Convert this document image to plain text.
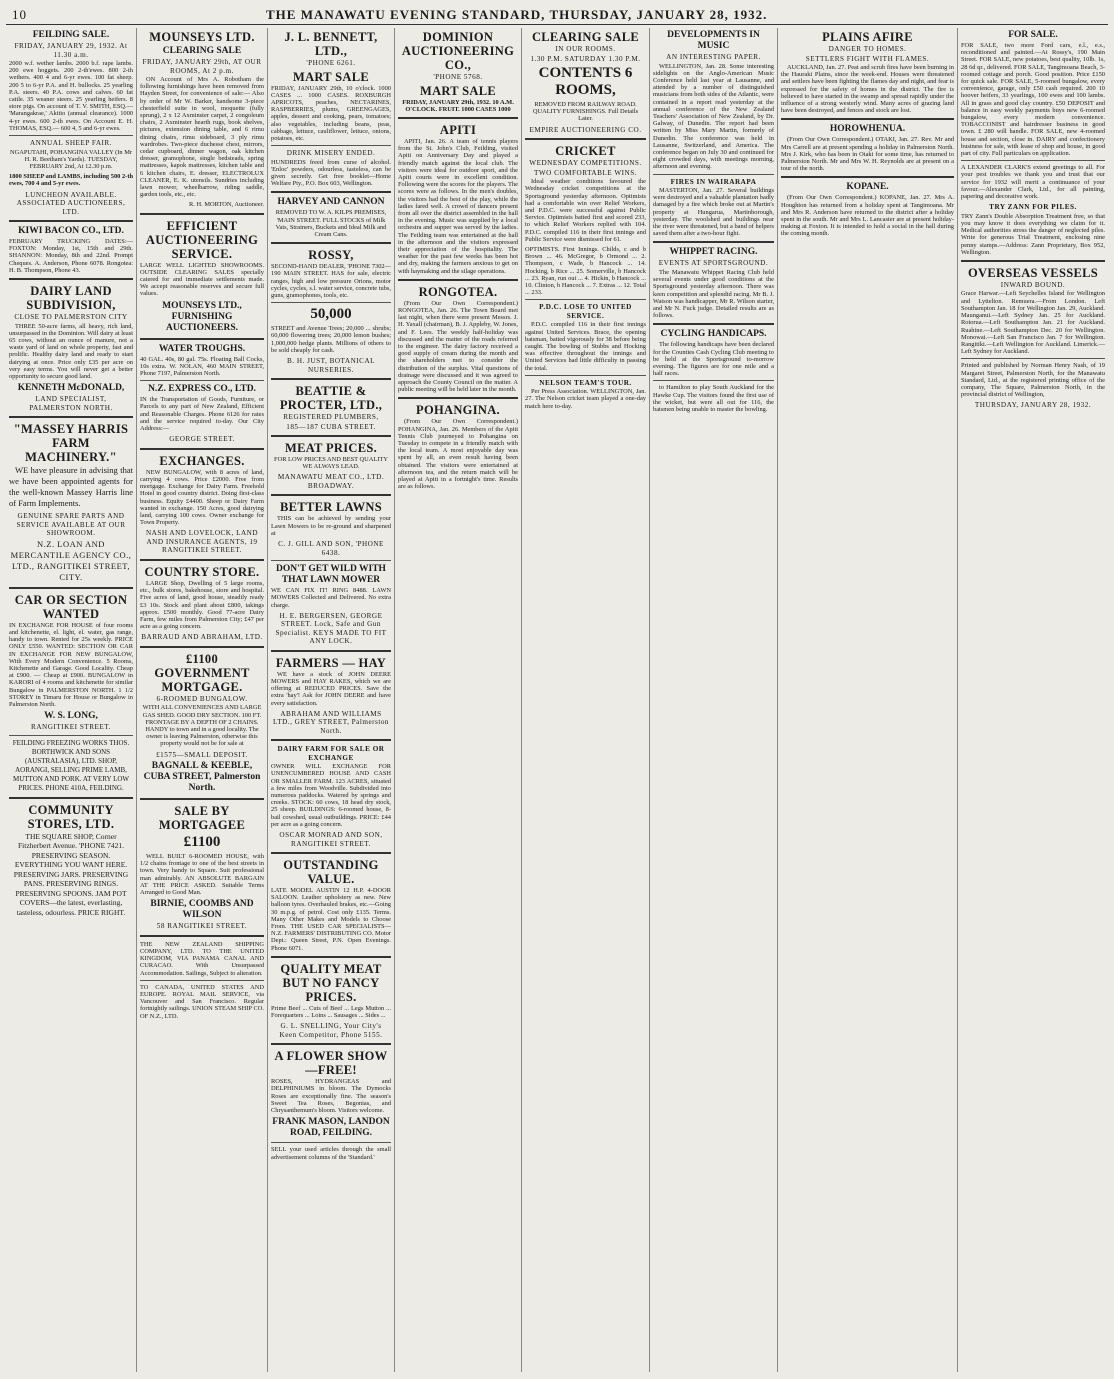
10	THE MANAWATU EVENING STANDARD, THURSDAY, JANUARY 28, 1932.
FEILDING SALE.
FRIDAY, JANUARY 29, 1932. At 11.30 a.m.
2000 w.f. wether lambs. 2000 b.f. rape lambs. 200 ewe hoggets. 200 2-th'ewes. 800 2-th wethers. 400 4 and 6-yr ewes. 100 fat sheep. 200 5 to 6-yr P.A. and H. bullocks. 25 yearling P.A. steers. 40 P.A. cows and calves. 60 fat cattle. 35 weaner steers. 25 yearling heifers. 8 store pigs. On account of T. V. SMITH, ESQ.— 'Marangakrae,' Akitio (annual clearance). 1000 4-yr ewes. 600 2-th ewes. On Account E. H. THOMAS, ESQ.— 600 4, 5 and 6-yr ewes.
ANNUAL SHEEP FAIR.
NGAPUTAHI, POHANGINA VALLEY (In Mr H. R. Beetham's Yards). TUESDAY, FEBRUARY 2nd, At 12.30 p.m.
1800 SHEEP and LAMBS, including 500 2-th ewes, 700 4 and 5-yr ewes.
LUNCHEON AVAILABLE. ASSOCIATED AUCTIONEERS, LTD.
KIWI BACON CO., LTD.
FEBRUARY TRUCKING DATES:— FOXTON: Monday, 1st, 15th and 29th. SHANNON: Monday, 8th and 22nd. Prompt Cheques. A. Anderson, Phone 6078. Rongotea: H. B. Thompson, Phone 43.
DAIRY LAND SUBDIVISION,
CLOSE TO PALMERSTON CITY
THREE 50-acre farms, all heavy, rich land, unsurpassed in the Dominion. Will dairy at least 65 cows, without an ounce of manure, not a waste yard of land on whole property, fast and prolific. Healthy dairy land and ready to start dairying at once. Price only £35 per acre on very easy terms. You will never get a better opportunity to secure good land.
KENNETH McDONALD,
LAND SPECIALIST, PALMERSTON NORTH.
"MASSEY HARRIS FARM MACHINERY."
WE have pleasure in advising that we have been appointed agents for the well-known Massey Harris line of Farm Implements.
GENUINE SPARE PARTS AND SERVICE AVAILABLE AT OUR SHOWROOM.
N.Z. LOAN AND MERCANTILE AGENCY CO., LTD., RANGITIKEI STREET, CITY.
CAR OR SECTION WANTED
IN EXCHANGE FOR HOUSE of four rooms and kitchenette, el. light, el. water, gas range, handy to town. Rented for 25s weekly. PRICE ONLY £550. WANTED: SECTION OR CAR IN EXCHANGE FOR NEW BUNGALOW, With Every Modern Convenience. 5 Rooms, Kitchenette and Garage. Good Locality. Cheap at £900. — Cheap at £900. BUNGALOW in KARORI of 4 rooms and kitchenette for similar Bungalow in PALMERSTON NORTH. 1 1/2 STOREY in Timaru for House or Bungalow in Palmerston North.
W. S. LONG,
RANGITIKEI STREET.
FEILDING FREEZING WORKS THOS. BORTHWICK AND SONS (AUSTRALASIA), LTD. SHOP, AORANGI, SELLING PRIME LAMB, MUTTON AND PORK. AT VERY LOW PRICES. PHONE 410A, FEILDING.
COMMUNITY STORES, LTD.
THE SQUARE SHOP, Corner Fitzherbert Avenue. 'PHONE 7421. PRESERVING SEASON. EVERYTHING YOU WANT HERE. PRESERVING JARS. PRESERVING PANS. PRESERVING RINGS. PRESERVING SPOONS. JAM POT COVERS—the latest, everlasting, tasteless, odourless. PRICE RIGHT.
MOUNSEYS LTD.
CLEARING SALE
FRIDAY, JANUARY 29th, AT OUR ROOMS, At 2 p.m.
ON Account of Mrs A. Robotham the following furnishings have been removed from Hayden Street, for convenience of sale:— Also by order of Mr W. Barker, handsome 3-piece chesterfield suite in wool, moquette (fully sprung), 2 x 12 Axminster carpet, 2 congoleum chairs, 2 Axminster hearth rugs, book shelves, pictures, extension dining table, and 6 rimu dining chairs, rimu sideboard, 3 ply rimu wardrobes. Two-piece duchesse chest, mirrors, cedar cupboard, dinner wagon, oak kitchen dresser, gramophone, single bedsteads, spring mattresses, kapok mattresses, kitchen table and 6 kitchen chairs, E. dresser, ELECTROLUX CLEANER, E. K. utensils. Sundries including lawn mower, wheelbarrow, riding saddle, garden tools, etc., etc.
R. H. MORTON, Auctioneer.
EFFICIENT AUCTIONEERING SERVICE.
LARGE WELL LIGHTED SHOWROOMS. OUTSIDE CLEARING SALES specially catered for and immediate settlements made. We accept reasonable reserves and secure full values.
MOUNSEYS LTD., FURNISHING AUCTIONEERS.
WATER TROUGHS.
40 GAL. 40s, 80 gal. 75s. Floating Ball Cocks, 10s extra. W. NOLAN, 460 MAIN STREET, Phone 7197, Palmerston North.
N.Z. EXPRESS CO., LTD.
IN the Transportation of Goods, Furniture, or Parcels to any part of New Zealand, Efficient and Reasonable Charges. Phone 6126 for rates and the service required to-day. Our City Address:—
GEORGE STREET.
EXCHANGES.
NEW BUNGALOW, with 8 acres of land, carrying 4 cows. Price £2000. Free from mortgage. Exchange for Dairy Farm. Freehold Hotel in good country district. Doing first-class business. Equity £4400. Sheep or Dairy Farm wanted in exchange. 150 Acres, good dairying land, carrying 100 cows. Owner exchange for Town Property.
NASH AND LOVELOCK, LAND AND INSURANCE AGENTS, 19 RANGITIKEI STREET.
COUNTRY STORE.
LARGE Shop, Dwelling of 5 large rooms, etc., bulk stores, bakehouse, store and hospital. Five acres of land, good house, steadily ready £3 10s. Stock and plant about £800, takings approx. £500 monthly. Good 77-acre Dairy Farm, few miles from Palmerston City; £47 per acre as a going concern.
BARRAUD AND ABRAHAM, LTD.
£1100 GOVERNMENT MORTGAGE.
6-ROOMED BUNGALOW.
WITH ALL CONVENIENCES AND LARGE GAS SHED. GOOD DRY SECTION. 100 FT. FRONTAGE BY A DEPTH OF 2 CHAINS. HANDY to town and in a good locality. The owner is leaving Palmerston, otherwise this property would not be for sale at
£1575—SMALL DEPOSIT.
BAGNALL & KEEBLE, CUBA STREET, Palmerston North.
SALE BY MORTGAGEE
£1100
WELL BUILT 6-ROOMED HOUSE, with 1/2 chains frontage to one of the best streets in town. Very handy to Square. Suit professional man admirably. AN ABSOLUTE BARGAIN AT THE PRICE ASKED. Suitable Terms Arranged to Good Man.
BIRNIE, COOMBS AND WILSON
58 RANGITIKEI STREET.
THE NEW ZEALAND SHIPPING COMPANY, LTD. TO THE UNITED KINGDOM, VIA PANAMA CANAL AND CURACAO. With Unsurpassed Accommodation. Sailings, Subject to alteration.
TO CANADA, UNITED STATES AND EUROPE. ROYAL MAIL SERVICE, via Vancouver and San Francisco. Regular fortnightly sailings. UNION STEAM SHIP CO. OF N.Z., LTD.
J. L. BENNETT, LTD.,
'PHONE 6261.
MART SALE
FRIDAY, JANUARY 29th, 10 o'clock. 1000 CASES ... 1000 CASES. ROXBURGH APRICOTS, peaches, NECTARINES, RASPBERRIES, plums, GREENGAGES, apples, dessert and cooking, pears, tomatoes; also vegetables, including beans, peas, cabbage, lettuce, cauliflower, lettuce, onions, potatoes, etc.
DRINK MISERY ENDED.
HUNDREDS freed from curse of alcohol. 'Enloc' powders, odourless, tasteless, can be given secretly. Get free booklet—Home Welfare Pty., P.O. Box 603, Wellington.
HARVEY AND CANNON
REMOVED TO W. A. KILPS PREMISES, 'MAIN STREET. FULL STOCKS of Milk Vats, Strainers, Buckets and Ideal Milk and Cream Cans.
ROSSY,
SECOND-HAND DEALER, 'PHONE 7302—190 MAIN STREET. HAS for sale, electric ranges, high and low pressure Orions, motor cycles, cycles, s.l. water service, concrete tubs, guns, gramophones, tools, etc.
50,000
STREET and Avenue Trees; 20,000 ... shrubs; 60,000 flowering trees; 20,000 lemon bushes; 1,000,000 hedge plants. Millions of others to be sold cheaply for cash.
B. H. JUST, BOTANICAL NURSERIES.
BEATTIE & PROCTER, LTD.,
REGISTERED PLUMBERS,
185—187 CUBA STREET.
MEAT PRICES.
FOR LOW PRICES AND BEST QUALITY WE ALWAYS LEAD.
MANAWATU MEAT CO., LTD. BROADWAY.
BETTER LAWNS
THIS can be achieved by sending your Lawn Mowers to be re-ground and sharpened at
C. J. GILL AND SON, 'PHONE 6438.
DON'T GET WILD WITH THAT LAWN MOWER
WE CAN FIX IT! RING 8488. LAWN MOWERS Collected and Delivered. No extra charge.
H. E. BERGERSEN, GEORGE STREET. Lock, Safe and Gun Specialist. KEYS MADE TO FIT ANY LOCK.
FARMERS — HAY
WE have a stock of JOHN DEERE MOWERS and HAY RAKES, which we are offering at REDUCED PRICES. Save the extra 'hay'! Ask for JOHN DEERE and have every satisfaction.
ABRAHAM AND WILLIAMS LTD., GREY STREET, Palmerston North.
DAIRY FARM FOR SALE OR EXCHANGE
OWNER WILL EXCHANGE FOR UNENCUMBERED HOUSE AND CASH OR SMALLER FARM. 123 ACRES, situated a few miles from Woodville. Subdivided into numerous paddocks. Watered by springs and creeks. STOCK: 60 cows, 18 head dry stock, 25 sheep. BUILDINGS: 6-roomed house, 8-bail cowshed, usual outbuildings. PRICE: £44 per acre as a going concern.
OSCAR MONRAD AND SON, RANGITIKEI STREET.
OUTSTANDING VALUE.
LATE MODEL AUSTIN 12 H.P. 4-DOOR SALOON. Leather upholstery as new. New balloon tyres. Overhauled brakes, etc.—Going 30 m.p.g. of petrol. Cost only £135. Terms. Many Other Makes and Models to Choose From. THE USED CAR SPECIALISTS— N.Z. FARMERS' DISTRIBUTING CO. Motor Dept.: Queen Street, P.N. Open Evenings. Phone 6071.
QUALITY MEAT BUT NO FANCY PRICES.
Prime Beef ... Cuts of Beef ... Legs Mutton ... Forequarters ... Loins ... Sausages ... Sides ...
G. L. SNELLING, Your City's Keen Competitor, Phone 5155.
A FLOWER SHOW—FREE!
ROSES, HYDRANGEAS and DELPHINIUMS in bloom. The Dymocks Roses are exceptionally fine. The season's Sweet Tea Roses, Begonias, and Chrysanthemum's bloom. Visitors welcome.
FRANK MASON, LANDON ROAD, FEILDING.
SELL your used articles through the small advertisement columns of the 'Standard.'
DOMINION AUCTIONEERING CO.,
'PHONE 5768.
MART SALE
FRIDAY, JANUARY 29th, 1932. 10 A.M. O'CLOCK. FRUIT. 1000 CASES 1000
APITI
APITI, Jan. 26. A team of tennis players from the St. John's Club, Feilding, visited Apiti on Anniversary Day and played a friendly match against the local club. The visitors were ideal for outdoor sport, and the Apiti courts were in excellent condition. Following were the scores for the players. The scores were as follows. In the men's doubles, the visitors had the best of the play, while the ladies fared well. A crowd of dancers present from all over the district assembled in the hall in the evening. Music was supplied by a local orchestra and supper was served by the ladies. The Feilding team was entertained at the hall in the afternoon and the visitors expressed their appreciation of the hospitality. The weather for the past few weeks has been hot and dry, making the farmers anxious to get on with haymaking and the silage operations.
RONGOTEA.
(From Our Own Correspondent.) RONGOTEA, Jan. 26. The Town Board met last night, when there were present Messrs. J. H. Yaxall (chairman), B. J. Appleby, W. Jones, and F. Lees. The weekly half-holiday was discussed and the matter of the roads referred to the engineer. The dairy factory received a good supply of cream during the month and the shareholders met to consider the distribution of the surplus. Vital questions of drainage were discussed and it was agreed to approach the County Council on the matter. A public meeting will be held later in the month.
POHANGINA.
(From Our Own Correspondent.) POHANGINA, Jan. 26. Members of the Apiti Tennis Club journeyed to Pohangina on Tuesday to compete in a friendly match with the local team. A most enjoyable day was spent by all, an even result having been obtained. The visitors were entertained at afternoon tea, and the return match will be played at Apiti in a fortnight's time. Results are as follows.
CLEARING SALE
IN OUR ROOMS.
1.30 P.M. SATURDAY 1.30 P.M.
CONTENTS 6 ROOMS,
REMOVED FROM RAILWAY ROAD. QUALITY FURNISHINGS. Full Details Later.
EMPIRE AUCTIONEERING CO.
CRICKET
WEDNESDAY COMPETITIONS.
TWO COMFORTABLE WINS.
Ideal weather conditions favoured the Wednesday cricket competitions at the Sportsground yesterday afternoon. Optimists had a comfortable win over Relief Workers, and P.D.C. were successful against Public Service. Optimists batted first and scored 233, to which Relief Workers replied with 104. P.D.C. compiled 116 in their first innings and Public Service were dismissed for 61.
OPTIMISTS. First Innings. Childs, c and b Brown ... 46. McGregor, b Ormond ... 2. Thompson, c Wade, b Hancock ... 14. Hocking, b Rice ... 25. Somerville, b Hancock ... 23. Ryan, run out ... 4. Hickin, b Hancock ... 10. Clinton, b Hancock ... 7. Extras ... 12. Total ... 233.
P.D.C. LOSE TO UNITED SERVICE.
P.D.C. compiled 116 in their first innings against United Services. Brace, the opening batsman, batted vigorously for 38 before being caught. The bowling of Stubbs and Hocking was effective throughout the innings and United Services had little difficulty in passing the total.
NELSON TEAM'S TOUR.
Per Press Association. WELLINGTON, Jan. 27. The Nelson cricket team played a one-day match here to-day.
DEVELOPMENTS IN MUSIC
AN INTERESTING PAPER.
WELLINGTON, Jan. 28. Some interesting sidelights on the Anglo-American Music Conference held last year at Lausanne, and attended by a number of distinguished musicians from both sides of the Atlantic, were contained in a report read yesterday at the annual conference of the New Zealand Teachers' Association of New Zealand, by Dr. Galway, of Dunedin. The report had been written by Miss Mary Martin, formerly of Dunedin. The conference was held in Lausanne, Switzerland, and America. The conference began on July 30 and continued for eight crowded days, with meetings morning, afternoon and evening.
FIRES IN WAIRARAPA
MASTERTON, Jan. 27. Several buildings were destroyed and a valuable plantation badly damaged by a fire which broke out at Martin's property at Hungarua, Martinborough, yesterday. The woolshed and buildings near the river were threatened, but a band of helpers saved them after a two-hour fight.
WHIPPET RACING.
EVENTS AT SPORTSGROUND.
The Manawatu Whippet Racing Club held several events under good conditions at the Sportsground yesterday afternoon. There was keen competition and splendid racing. Mr B. J. Watson was handicapper, Mr R. Wilson starter, and Mr N. Fuck judge. Detailed results are as follows.
CYCLING HANDICAPS.
The following handicaps have been declared for the Counties Cash Cycling Club meeting to be held at the Sportsground to-morrow evening. The figures are for one mile and a half races.
to Hamilton to play South Auckland for the Hawke Cup. The visitors found the first use of the wicket, but were all out for 116, the batsmen being unable to master the bowling.
PLAINS AFIRE
DANGER TO HOMES.
SETTLERS FIGHT WITH FLAMES.
AUCKLAND, Jan. 27. Peat and scrub fires have been burning in the Hauraki Plains, since the week-end. Houses were threatened and settlers have been fighting the flames day and night, and fear is expressed for the safety of homes in the district. The fire is believed to have started in the swamp and spread rapidly under the influence of a strong westerly wind. Many acres of grazing land have been destroyed, and fences and stock are lost.
HOROWHENUA.
(From Our Own Correspondent.) OTAKI, Jan. 27. Rev. Mr and Mrs Carrell are at present spending a holiday in Palmerston North. Mrs J. Kirk, who has been in Otaki for some time, has returned to Palmerston North. Mr and Mrs W. H. Reynolds are at present on a tour of the north.
KOPANE.
(From Our Own Correspondent.) KOPANE, Jan. 27. Mrs A. Houghton has returned from a holiday spent at Tangimoana. Mr and Mrs R. Anderson have returned to the district after a holiday spent in the south. Mr and Mrs L. Lancaster are at present holiday-making at Foxton. It is intended to hold a social in the hall during the coming month.
FOR SALE.
FOR SALE, two more Ford cars, e.l., e.s., reconditioned and painted.—At Rossy's, 190 Main Street. FOR SALE, new potatoes, best quality, 10lb. 1s, 28 6d qr., delivered. FOR SALE, Tangimoana Beach, 3-roomed cottage and porch. Good position. Price £150 for quick sale. FOR SALE, 5-roomed bungalow, every convenience, garage, only £50 cash required. 200 10 hoover heifers, 33 yearlings, 100 ewes and 100 lambs. All in grass and good clay country. £50 DEPOSIT and balance in easy weekly payments buys new 6-roomed bungalow, every modern convenience. TOBACCONIST and hairdresser business in good town. £ 280 will handle. FOR SALE, new 4-roomed house and section, close in. DAIRY and confectionery business for sale, with lease of shop and house, in good part of city. Full particulars on application.
A LEXANDER CLARK'S extend greetings to all. For your pest troubles we thank you and trust that our service for 1932 will merit a continuance of your favour.—Alexander Clark, Ltd., for all painting, papering and decorative work.
TRY ZANN FOR PILES.
TRY Zann's Double Absorption Treatment free, so that you may know it does everything we claim for it. Medical authorities stress the danger of neglected piles. Write for generous Trial Treatment, enclosing nine penny stamps.—Address: Zann Proprietary, Box 952, Wellington.
OVERSEAS VESSELS
INWARD BOUND.
Grace Harwar.—Left Seychelles Island for Wellington and Lyttelton. Remuera.—From London. Left Southampton Jan. 18 for Wellington Jan. 29, Auckland. Maunganui.—Left Sydney Jan. 25 for Auckland. Rotorua.—Left Southampton Jan. 21 for Auckland. Ruahine.—Left Southampton Dec. 20 for Wellington. Monowai.—Left San Francisco Jan. 7 for Wellington. Rangitiki.—Left Wellington for Auckland. Limerick.—Left Sydney for Auckland.
Printed and published by Norman Henry Nash, of 19 Margaret Street, Palmerston North, for the Manawatu Standard, Ltd., at the registered printing office of the company, The Square, Palmerston North, in the provincial district of Wellington,
THURSDAY, JANUARY 28, 1932.
